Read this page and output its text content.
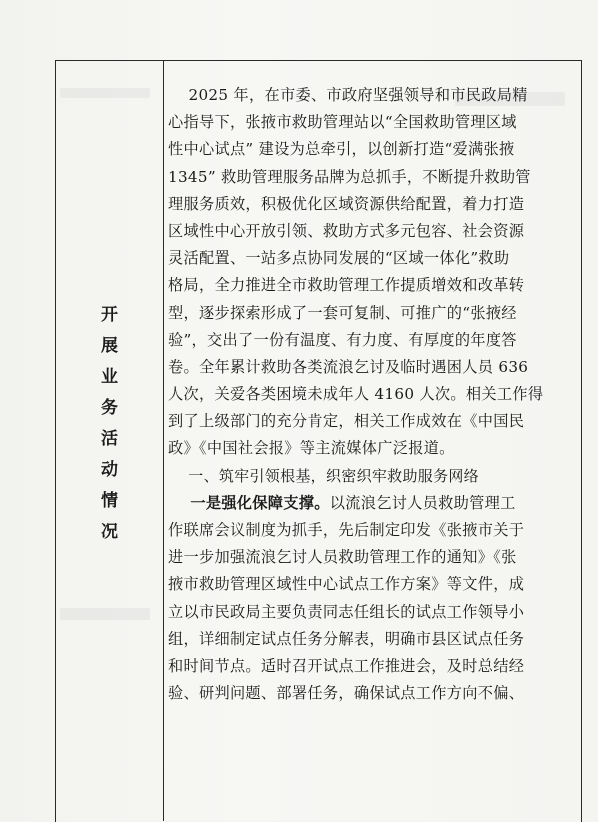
开
展
业
务
活
动
情
况
2025 年，在市委、市政府坚强领导和市民政局精
心指导下，张掖市救助管理站以“全国救助管理区域
性中心试点” 建设为总牵引，以创新打造“爱满张掖
1345” 救助管理服务品牌为总抓手，不断提升救助管
理服务质效，积极优化区域资源供给配置，着力打造
区域性中心开放引领、救助方式多元包容、社会资源
灵活配置、一站多点协同发展的“区域一体化”救助
格局，全力推进全市救助管理工作提质增效和改革转
型，逐步探索形成了一套可复制、可推广的“张掖经
验”，交出了一份有温度、有力度、有厚度的年度答
卷。全年累计救助各类流浪乞讨及临时遇困人员 636
人次，关爱各类困境未成年人 4160 人次。相关工作得
到了上级部门的充分肯定，相关工作成效在《中国民
政》《中国社会报》等主流媒体广泛报道。
一、筑牢引领根基，织密织牢救助服务网络
一是强化保障支撑。以流浪乞讨人员救助管理工
作联席会议制度为抓手，先后制定印发《张掖市关于
进一步加强流浪乞讨人员救助管理工作的通知》《张
掖市救助管理区域性中心试点工作方案》等文件，成
立以市民政局主要负责同志任组长的试点工作领导小
组，详细制定试点任务分解表，明确市县区试点任务
和时间节点。适时召开试点工作推进会，及时总结经
验、研判问题、部署任务，确保试点工作方向不偏、
